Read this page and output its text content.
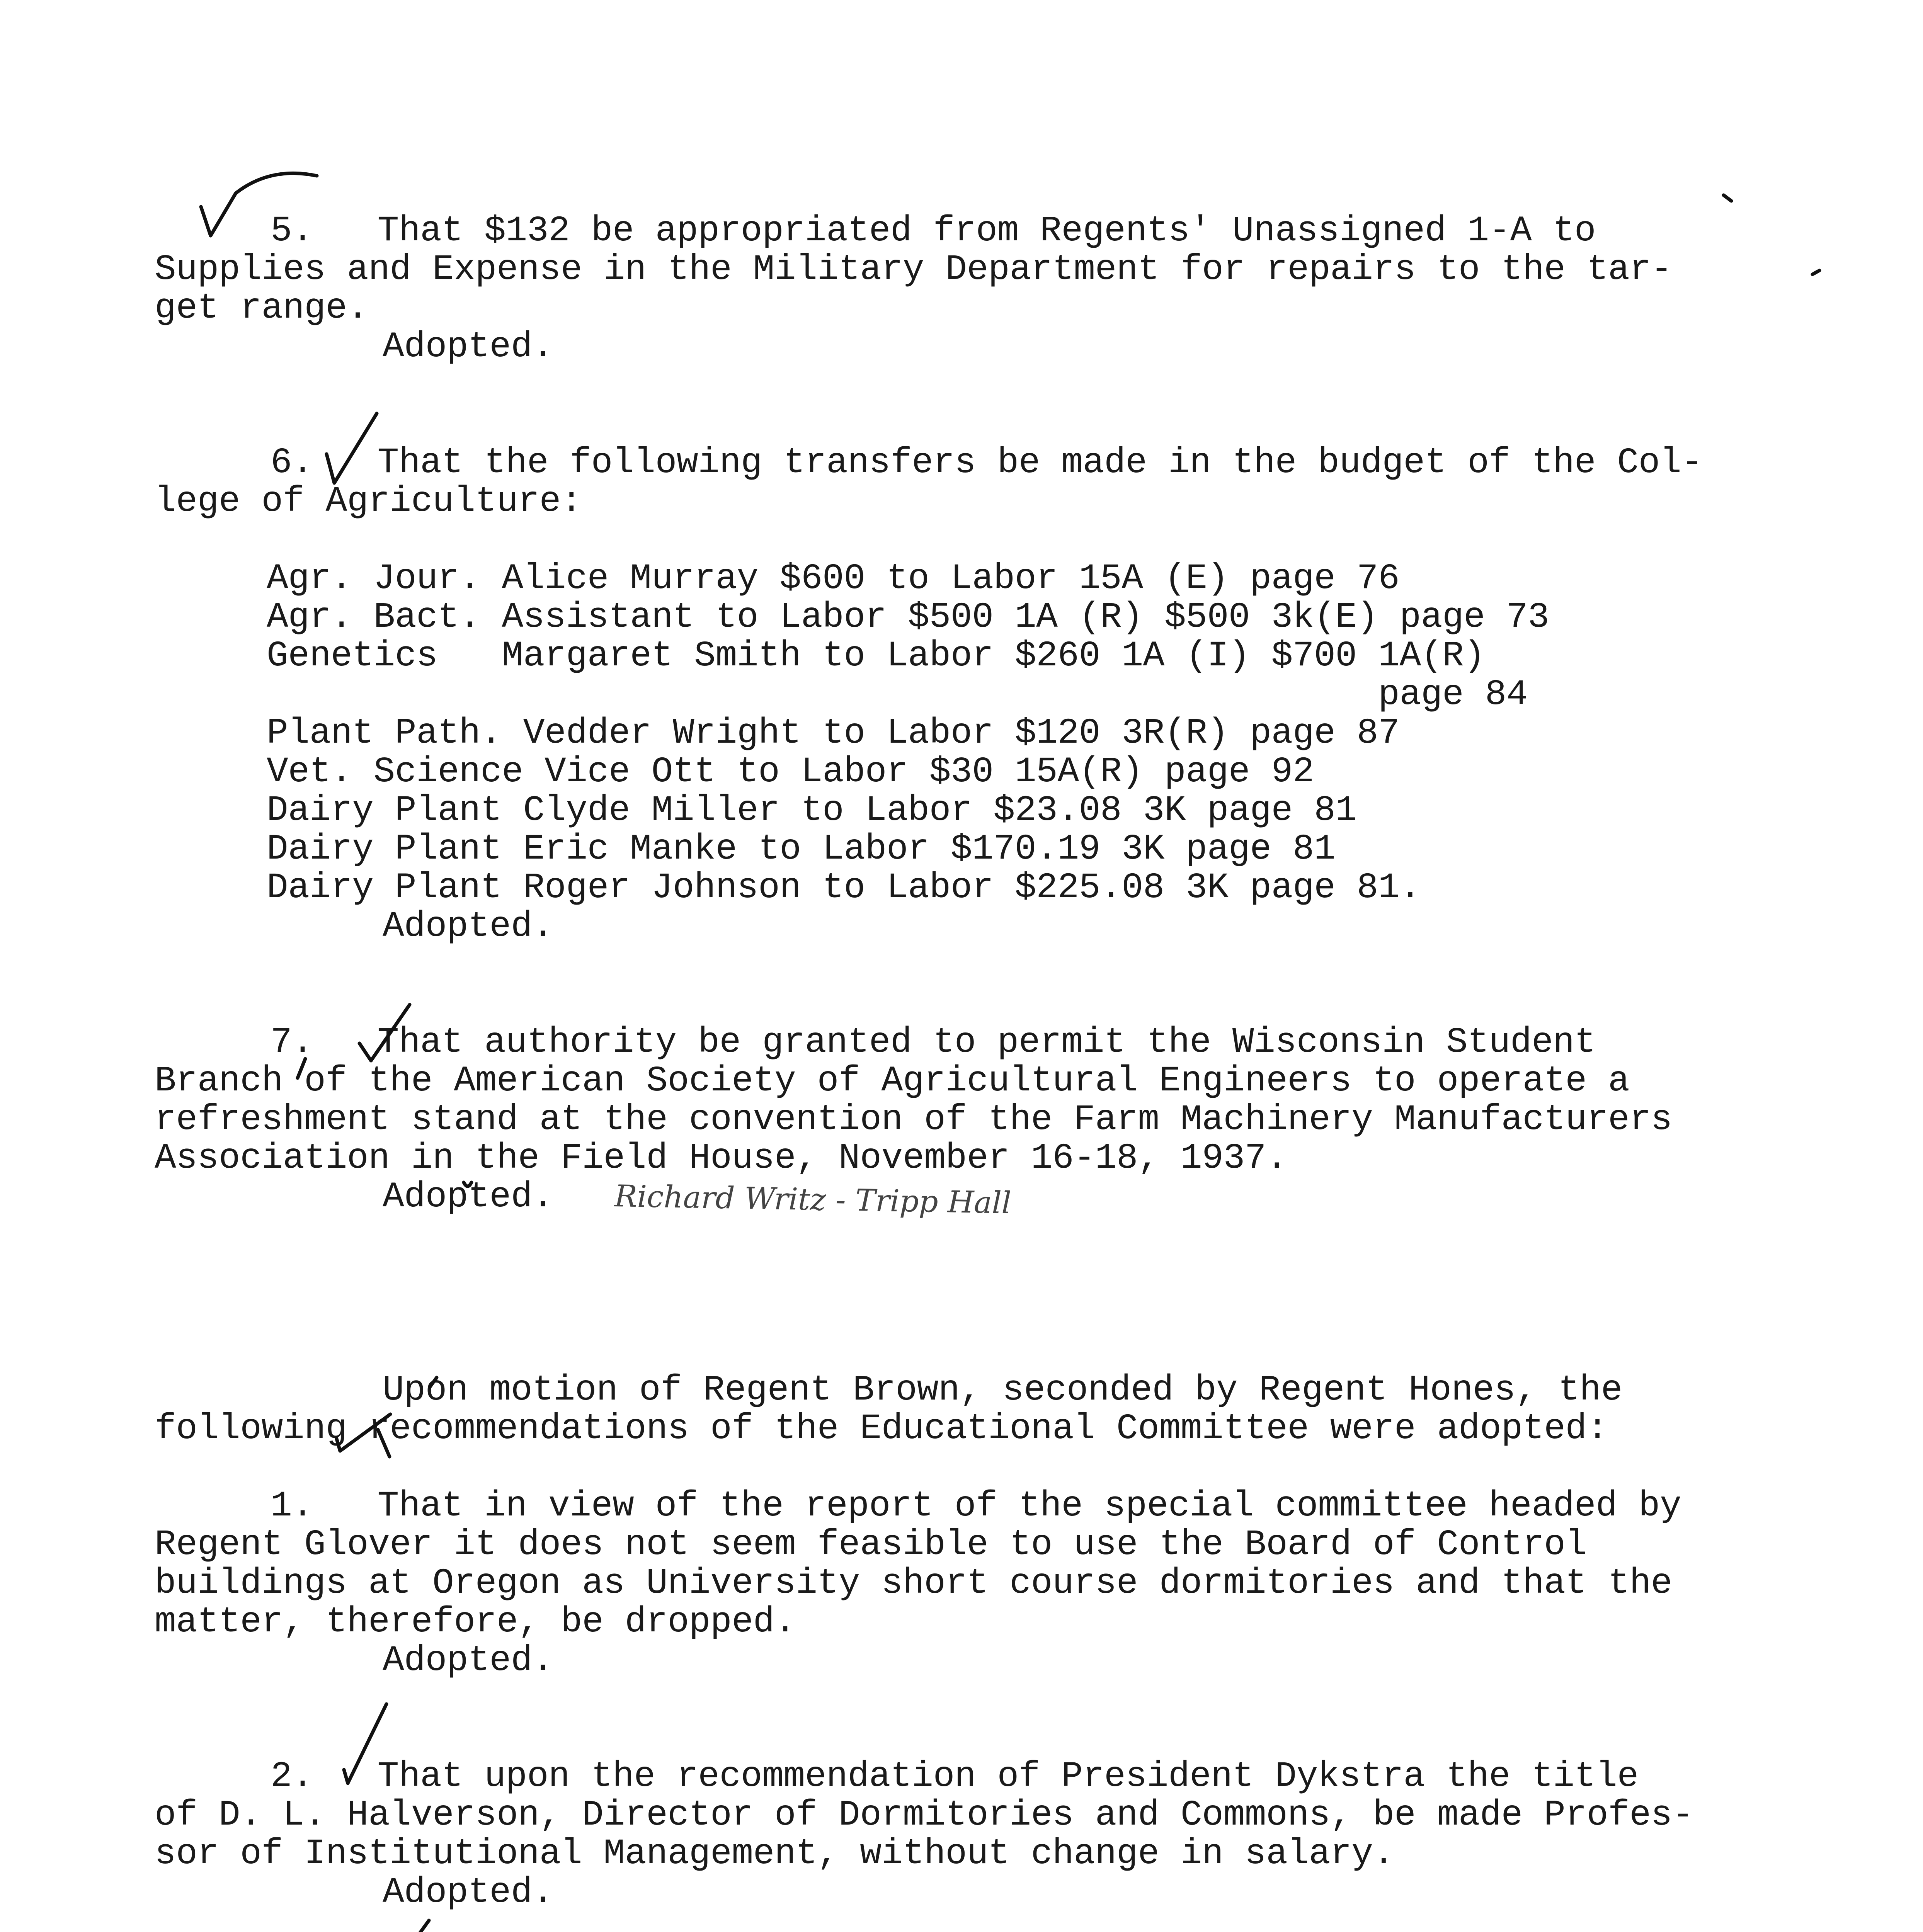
5.   That $132 be appropriated from Regents' Unassigned 1-A to
Supplies and Expense in the Military Department for repairs to the tar-
get range.
Adopted.
6.   That the following transfers be made in the budget of the Col-
lege of Agriculture:
Agr. Jour. Alice Murray $600 to Labor 15A (E) page 76
Agr. Bact. Assistant to Labor $500 1A (R) $500 3k(E) page 73
Genetics   Margaret Smith to Labor $260 1A (I) $700 1A(R)
page 84
Plant Path. Vedder Wright to Labor $120 3R(R) page 87
Vet. Science Vice Ott to Labor $30 15A(R) page 92
Dairy Plant Clyde Miller to Labor $23.08 3K page 81
Dairy Plant Eric Manke to Labor $170.19 3K page 81
Dairy Plant Roger Johnson to Labor $225.08 3K page 81.
Adopted.
7.   That authority be granted to permit the Wisconsin Student
Branch of the American Society of Agricultural Engineers to operate a
refreshment stand at the convention of the Farm Machinery Manufacturers
Association in the Field House, November 16-18, 1937.
Adopted. Richard Writz - Tripp Hall
Upon motion of Regent Brown, seconded by Regent Hones, the
following recommendations of the Educational Committee were adopted:
1.   That in view of the report of the special committee headed by
Regent Glover it does not seem feasible to use the Board of Control
buildings at Oregon as University short course dormitories and that the
matter, therefore, be dropped.
Adopted.
2.   That upon the recommendation of President Dykstra the title
of D. L. Halverson, Director of Dormitories and Commons, be made Profes-
sor of Institutional Management, without change in salary.
Adopted.
